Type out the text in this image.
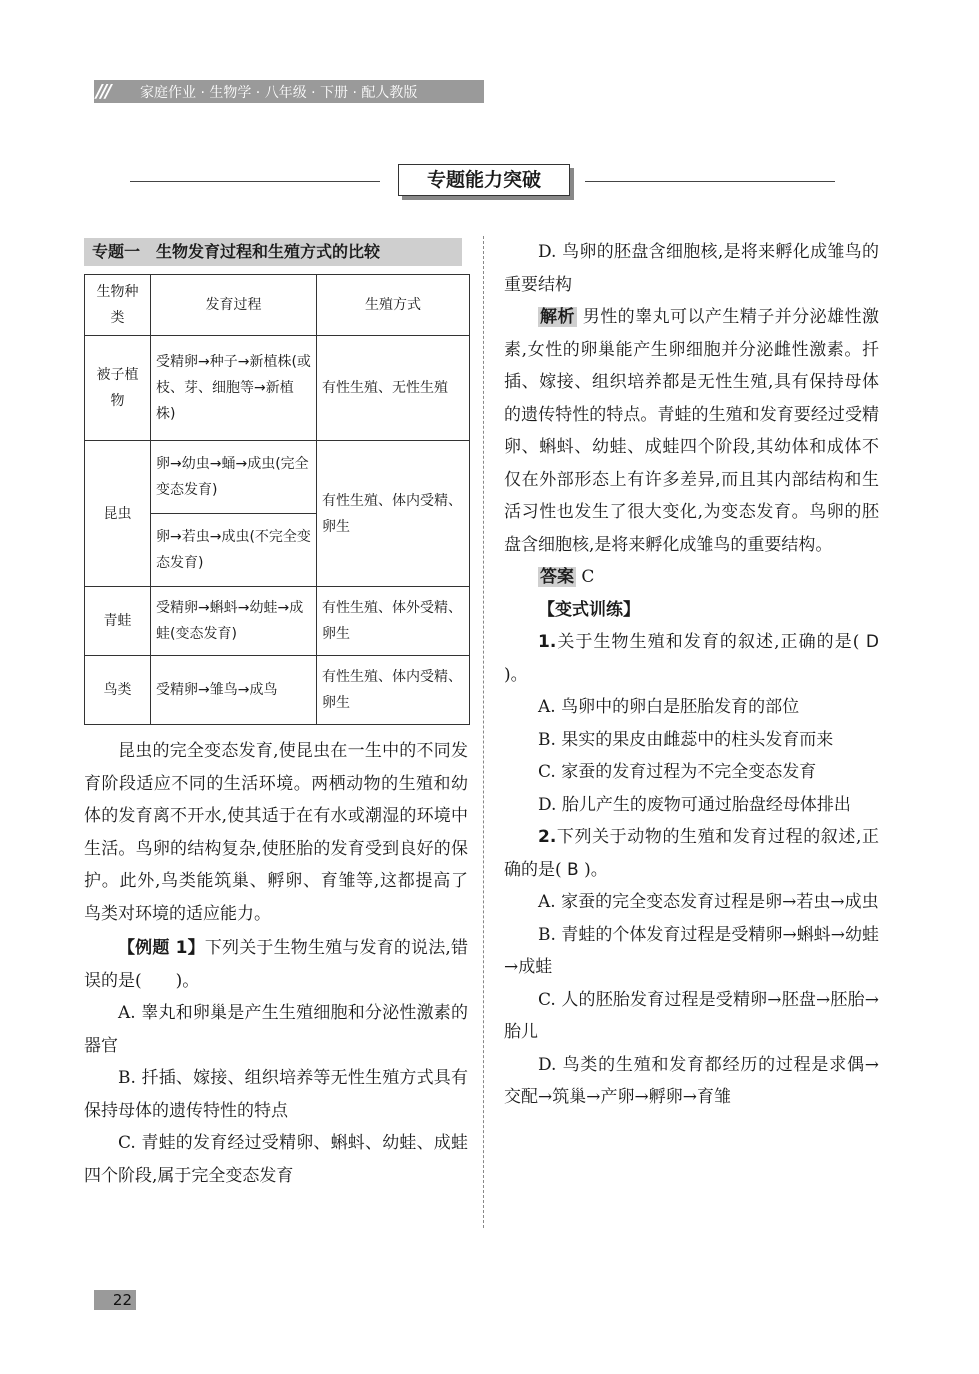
/// 家庭作业 · 生物学 · 八年级 · 下册 · 配人教版
专题能力突破
专题一　生物发育过程和生殖方式的比较
生物种类	发育过程	生殖方式
被子植物	受精卵→种子→新植株(或枝、芽、细胞等→新植株)	有性生殖、无性生殖
昆虫	卵→幼虫→蛹→成虫(完全变态发育)	有性生殖、体内受精、卵生
	卵→若虫→成虫(不完全变态发育)	
青蛙	受精卵→蝌蚪→幼蛙→成蛙(变态发育)	有性生殖、体外受精、卵生
鸟类	受精卵→雏鸟→成鸟	有性生殖、体内受精、卵生

昆虫的完全变态发育,使昆虫在一生中的不同发育阶段适应不同的生活环境。两栖动物的生殖和幼体的发育离不开水,使其适于在有水或潮湿的环境中生活。鸟卵的结构复杂,使胚胎的发育受到良好的保护。此外,鸟类能筑巢、孵卵、育雏等,这都提高了鸟类对环境的适应能力。

【例题 1】下列关于生物生殖与发育的说法,错误的是(　　)。

A. 睾丸和卵巢是产生生殖细胞和分泌性激素的器官

B. 扦插、嫁接、组织培养等无性生殖方式具有保持母体的遗传特性的特点

C. 青蛙的发育经过受精卵、蝌蚪、幼蛙、成蛙四个阶段,属于完全变态发育

D. 鸟卵的胚盘含细胞核,是将来孵化成雏鸟的重要结构

解析 男性的睾丸可以产生精子并分泌雄性激素,女性的卵巢能产生卵细胞并分泌雌性激素。扦插、嫁接、组织培养都是无性生殖,具有保持母体的遗传特性的特点。青蛙的生殖和发育要经过受精卵、蝌蚪、幼蛙、成蛙四个阶段,其幼体和成体不仅在外部形态上有许多差异,而且其内部结构和生活习性也发生了很大变化,为变态发育。鸟卵的胚盘含细胞核,是将来孵化成雏鸟的重要结构。

答案 C

【变式训练】

1.关于生物生殖和发育的叙述,正确的是( D )。

A. 鸟卵中的卵白是胚胎发育的部位

B. 果实的果皮由雌蕊中的柱头发育而来

C. 家蚕的发育过程为不完全变态发育

D. 胎儿产生的废物可通过胎盘经母体排出

2.下列关于动物的生殖和发育过程的叙述,正确的是( B )。

A. 家蚕的完全变态发育过程是卵→若虫→成虫

B. 青蛙的个体发育过程是受精卵→蝌蚪→幼蛙→成蛙

C. 人的胚胎发育过程是受精卵→胚盘→胚胎→胎儿

D. 鸟类的生殖和发育都经历的过程是求偶→交配→筑巢→产卵→孵卵→育雏

22
